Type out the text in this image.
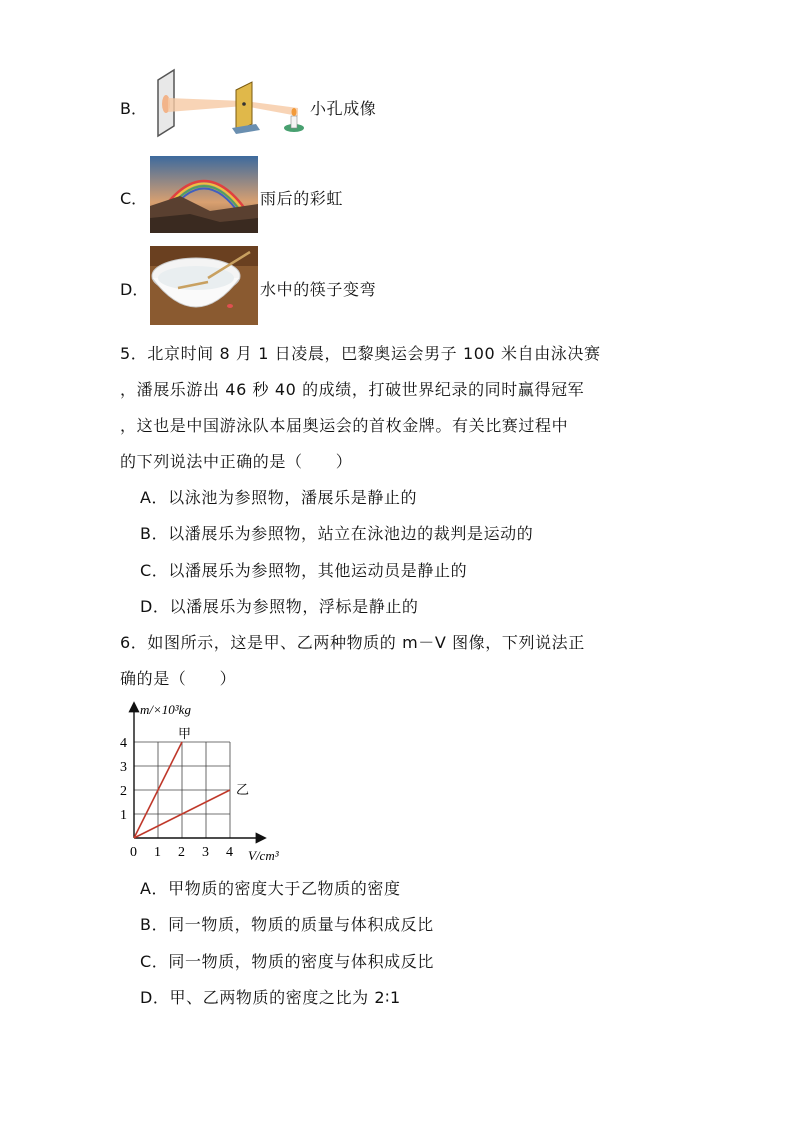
B．	小孔成像
C．	雨后的彩虹
D．	水中的筷子变弯
5．北京时间 8 月 1 日凌晨，巴黎奥运会男子 100 米自由泳决赛
，潘展乐游出 46 秒 40 的成绩，打破世界纪录的同时赢得冠军
，这也是中国游泳队本届奥运会的首枚金牌。有关比赛过程中
的下列说法中正确的是（　　）
A．以泳池为参照物，潘展乐是静止的
B．以潘展乐为参照物，站立在泳池边的裁判是运动的
C．以潘展乐为参照物，其他运动员是静止的
D．以潘展乐为参照物，浮标是静止的
6．如图所示，这是甲、乙两种物质的 m－V 图像，下列说法正
确的是（　　）
m/×10³kg
V/cm³
0 1 2 3 4
1
2
3
4
甲
乙
A．甲物质的密度大于乙物质的密度
B．同一物质，物质的质量与体积成反比
C．同一物质，物质的密度与体积成反比
D．甲、乙两物质的密度之比为 2∶1
